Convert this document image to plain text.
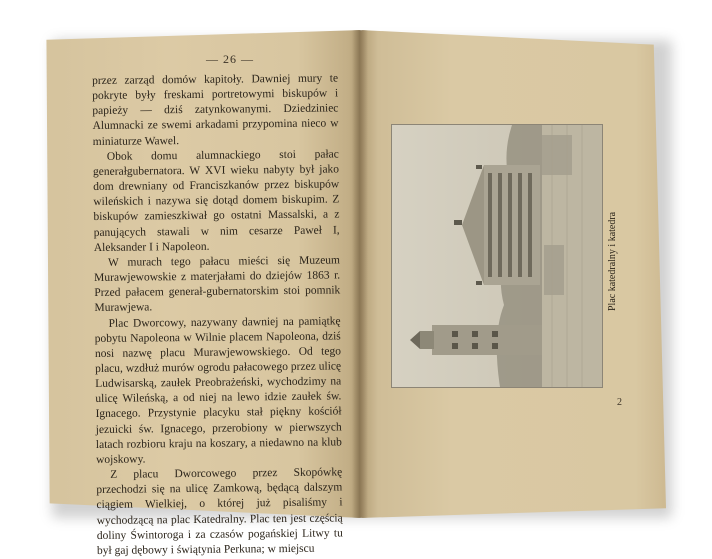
— 26 —

przez zarząd domów kapitoły. Dawniej mury te pokryte były freskami portretowymi biskupów i papieży — dziś zatynkowanymi. Dziedziniec Alumnacki ze swemi arkadami przypomina nieco w miniaturze Wawel.

Obok domu alumnackiego stoi pałac generałgubernatora. W XVI wieku nabyty był jako dom drewniany od Franciszkanów przez biskupów wileńskich i nazywa się dotąd domem biskupim. Z biskupów zamieszkiwał go ostatni Massalski, a z panujących stawali w nim cesarze Paweł I, Aleksander I i Napoleon.

W murach tego pałacu mieści się Muzeum Murawjewowskie z materjałami do dziejów 1863 r. Przed pałacem generał-gubernatorskim stoi pomnik Murawjewa.

Plac Dworcowy, nazywany dawniej na pamiątkę pobytu Napoleona w Wilnie placem Napoleona, dziś nosi nazwę placu Murawjewowskiego. Od tego placu, wzdłuż murów ogrodu pałacowego przez ulicę Ludwisarską, zaułek Preobrażeński, wychodzimy na ulicę Wileńską, a od niej na lewo idzie zaułek św. Ignacego. Przystynie placyku stał piękny kościół jezuicki św. Ignacego, przerobiony w pierwszych latach rozbioru kraju na koszary, a niedawno na klub wojskowy.

Z placu Dworcowego przez Skopówkę przechodzi się na ulicę Zamkową, będącą dalszym ciągiem Wielkiej, o której już pisaliśmy i wychodzącą na plac Katedralny. Plac ten jest częścią doliny Świntoroga i za czasów pogańskiej Litwy tu był gaj dębowy i świątynia Perkuna; w miejscu

Plac katedralny i katedra
2
